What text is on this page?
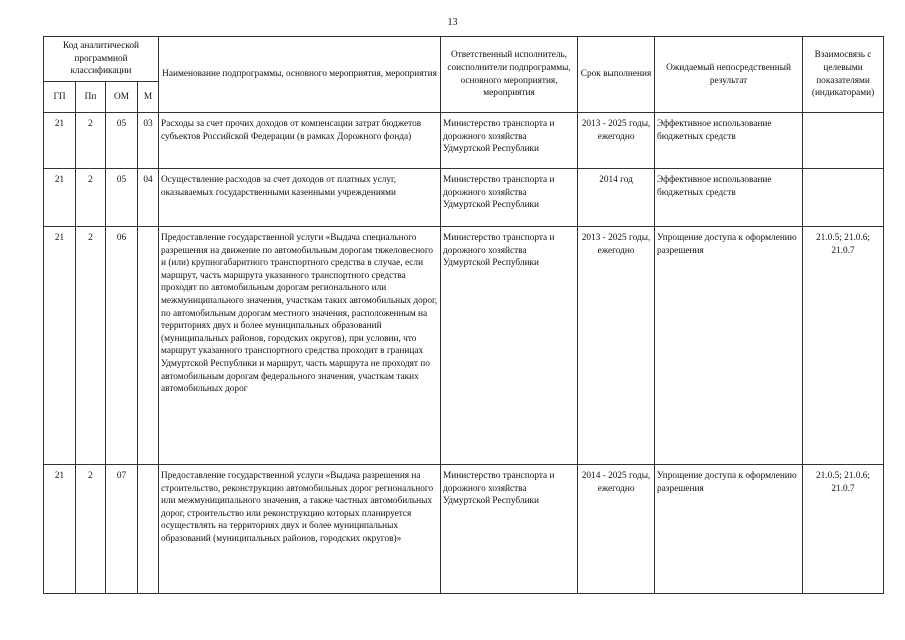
13
Код аналитической программной классификации				Наименование подпрограммы, основного мероприятия, мероприятия	Ответственный исполнитель, соисполнители подпрограммы, основного мероприятия, мероприятия	Срок выполнения	Ожидаемый непосредственный результат	Взаимосвязь с целевыми показателями (индикаторами)
ГП	Пп	ОМ	М					
21	2	05	03	Расходы за счет прочих доходов от компенсации затрат бюджетов субъектов Российской Федерации (в рамках Дорожного фонда)	Министерство транспорта и дорожного хозяйства Удмуртской Республики	2013 - 2025 годы, ежегодно	Эффективное использование бюджетных средств	
21	2	05	04	Осуществление расходов за счет доходов от платных услуг, оказываемых государственными казенными учреждениями	Министерство транспорта и дорожного хозяйства Удмуртской Республики	2014 год	Эффективное использование бюджетных средств	
21	2	06		Предоставление государственной услуги «Выдача специального разрешения на движение по автомобильным дорогам тяжеловесного и (или) крупногабаритного транспортного средства в случае, если маршрут, часть маршрута указанного транспортного средства проходят по автомобильным дорогам регионального или межмуниципального значения, участкам таких автомобильных дорог, по автомобильным дорогам местного значения, расположенным на территориях двух и более муниципальных образований (муниципальных районов, городских округов), при условии, что маршрут указанного транспортного средства проходит в границах Удмуртской Республики и маршрут, часть маршрута не проходят по автомобильным дорогам федерального значения, участкам таких автомобильных дорог	Министерство транспорта и дорожного хозяйства Удмуртской Республики	2013 - 2025 годы, ежегодно	Упрощение доступа к оформлению разрешения	21.0.5; 21.0.6; 21.0.7
21	2	07		Предоставление государственной услуги «Выдача разрешения на строительство, реконструкцию автомобильных дорог регионального или межмуниципального значения, а также частных автомобильных дорог, строительство или реконструкцию которых планируется осуществлять на территориях двух и более муниципальных образований (муниципальных районов, городских округов)»	Министерство транспорта и дорожного хозяйства Удмуртской Республики	2014 - 2025 годы, ежегодно	Упрощение доступа к оформлению разрешения	21.0.5; 21.0.6; 21.0.7
